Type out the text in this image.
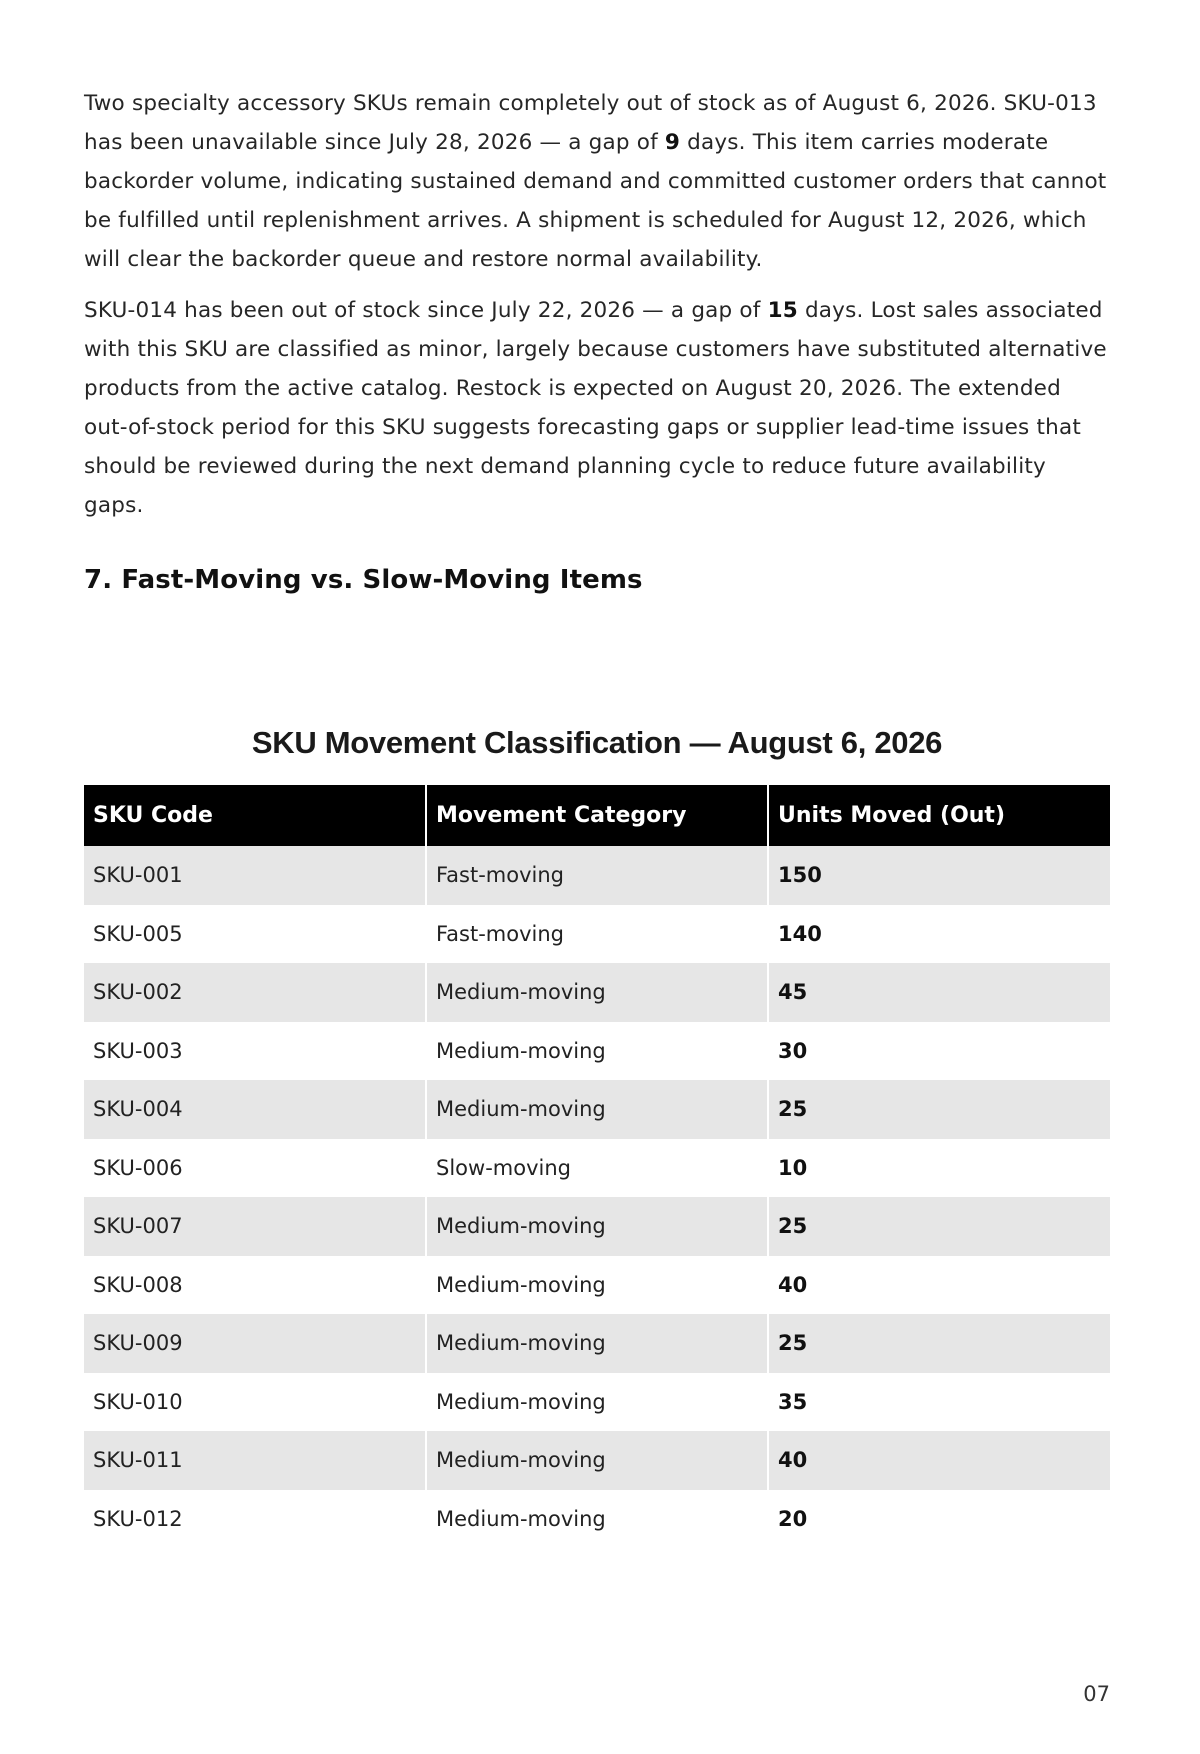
Two specialty accessory SKUs remain completely out of stock as of August 6, 2026. SKU-013 has been unavailable since July 28, 2026 — a gap of 9 days. This item carries moderate backorder volume, indicating sustained demand and committed customer orders that cannot be fulfilled until replenishment arrives. A shipment is scheduled for August 12, 2026, which will clear the backorder queue and restore normal availability.

SKU-014 has been out of stock since July 22, 2026 — a gap of 15 days. Lost sales associated with this SKU are classified as minor, largely because customers have substituted alternative products from the active catalog. Restock is expected on August 20, 2026. The extended out-of-stock period for this SKU suggests forecasting gaps or supplier lead-time issues that should be reviewed during the next demand planning cycle to reduce future availability gaps.

7. Fast-Moving vs. Slow-Moving Items
SKU Movement Classification — August 6, 2026
SKU Code	Movement Category	Units Moved (Out)
SKU-001	Fast-moving	150
SKU-005	Fast-moving	140
SKU-002	Medium-moving	45
SKU-003	Medium-moving	30
SKU-004	Medium-moving	25
SKU-006	Slow-moving	10
SKU-007	Medium-moving	25
SKU-008	Medium-moving	40
SKU-009	Medium-moving	25
SKU-010	Medium-moving	35
SKU-011	Medium-moving	40
SKU-012	Medium-moving	20
07
